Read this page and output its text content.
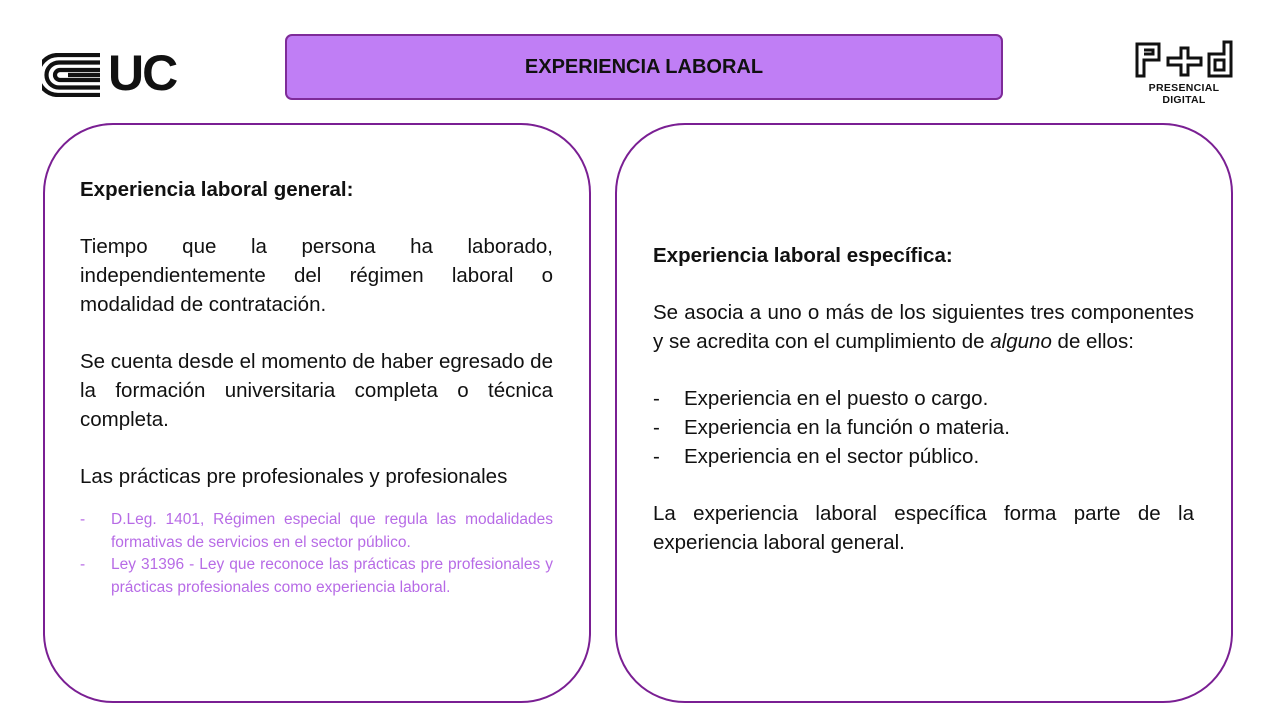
UC	EXPERIENCIA LABORAL
PRESENCIAL DIGITAL

Experiencia laboral general:

Tiempo que la persona ha laborado, independientemente del régimen laboral o modalidad de contratación.

Se cuenta desde el momento de haber egresado de la formación universitaria completa o técnica completa.

Las prácticas pre profesionales y profesionales

- D.Leg. 1401, Régimen especial que regula las modalidades formativas de servicios en el sector público.
- Ley 31396 - Ley que reconoce las prácticas pre profesionales y prácticas profesionales como experiencia laboral.

Experiencia laboral específica:

Se asocia a uno o más de los siguientes tres componentes y se acredita con el cumplimiento de alguno de ellos:

- Experiencia en el puesto o cargo.
- Experiencia en la función o materia.
- Experiencia en el sector público.

La experiencia laboral específica forma parte de la experiencia laboral general.
